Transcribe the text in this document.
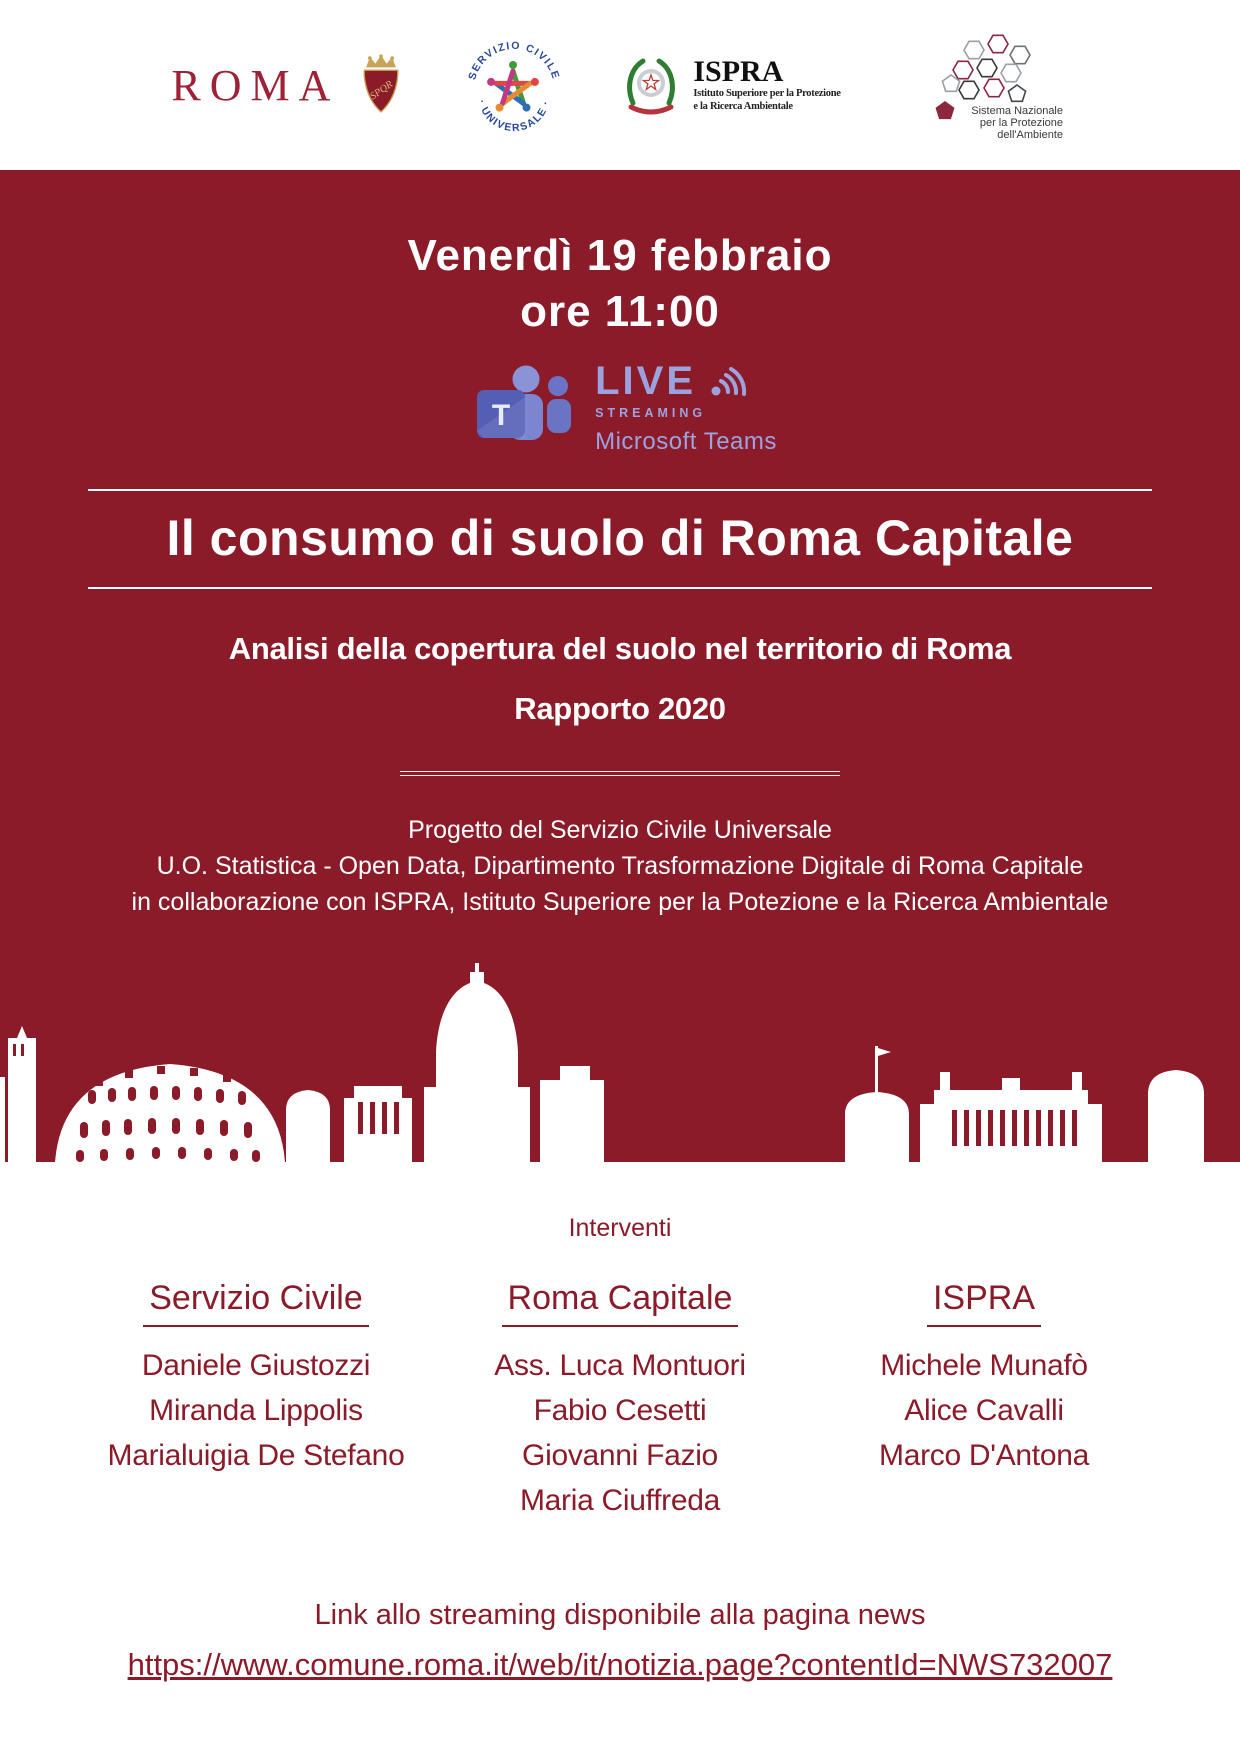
ROMA	SPQR
SERVIZIO CIVILE
· UNIVERSALE ·
ISPRA
Istituto Superiore per la Protezione
e la Ricerca Ambientale	Sistema Nazionale
per la Protezione
dell'Ambiente
Venerdì 19 febbraio
ore 11:00
T
LIVE
STREAMING
Microsoft Teams
Il consumo di suolo di Roma Capitale
Analisi della copertura del suolo nel territorio di Roma
Rapporto 2020
Progetto del Servizio Civile Universale
U.O. Statistica - Open Data, Dipartimento Trasformazione Digitale di Roma Capitale
in collaborazione con ISPRA, Istituto Superiore per la Potezione e la Ricerca Ambientale
Interventi
Servizio Civile
Daniele Giustozzi
Miranda Lippolis
Marialuigia De Stefano
Roma Capitale
Ass. Luca Montuori
Fabio Cesetti
Giovanni Fazio
Maria Ciuffreda
ISPRA
Michele Munafò
Alice Cavalli
Marco D'Antona
Link allo streaming disponibile alla pagina news
https://www.comune.roma.it/web/it/notizia.page?contentId=NWS732007
